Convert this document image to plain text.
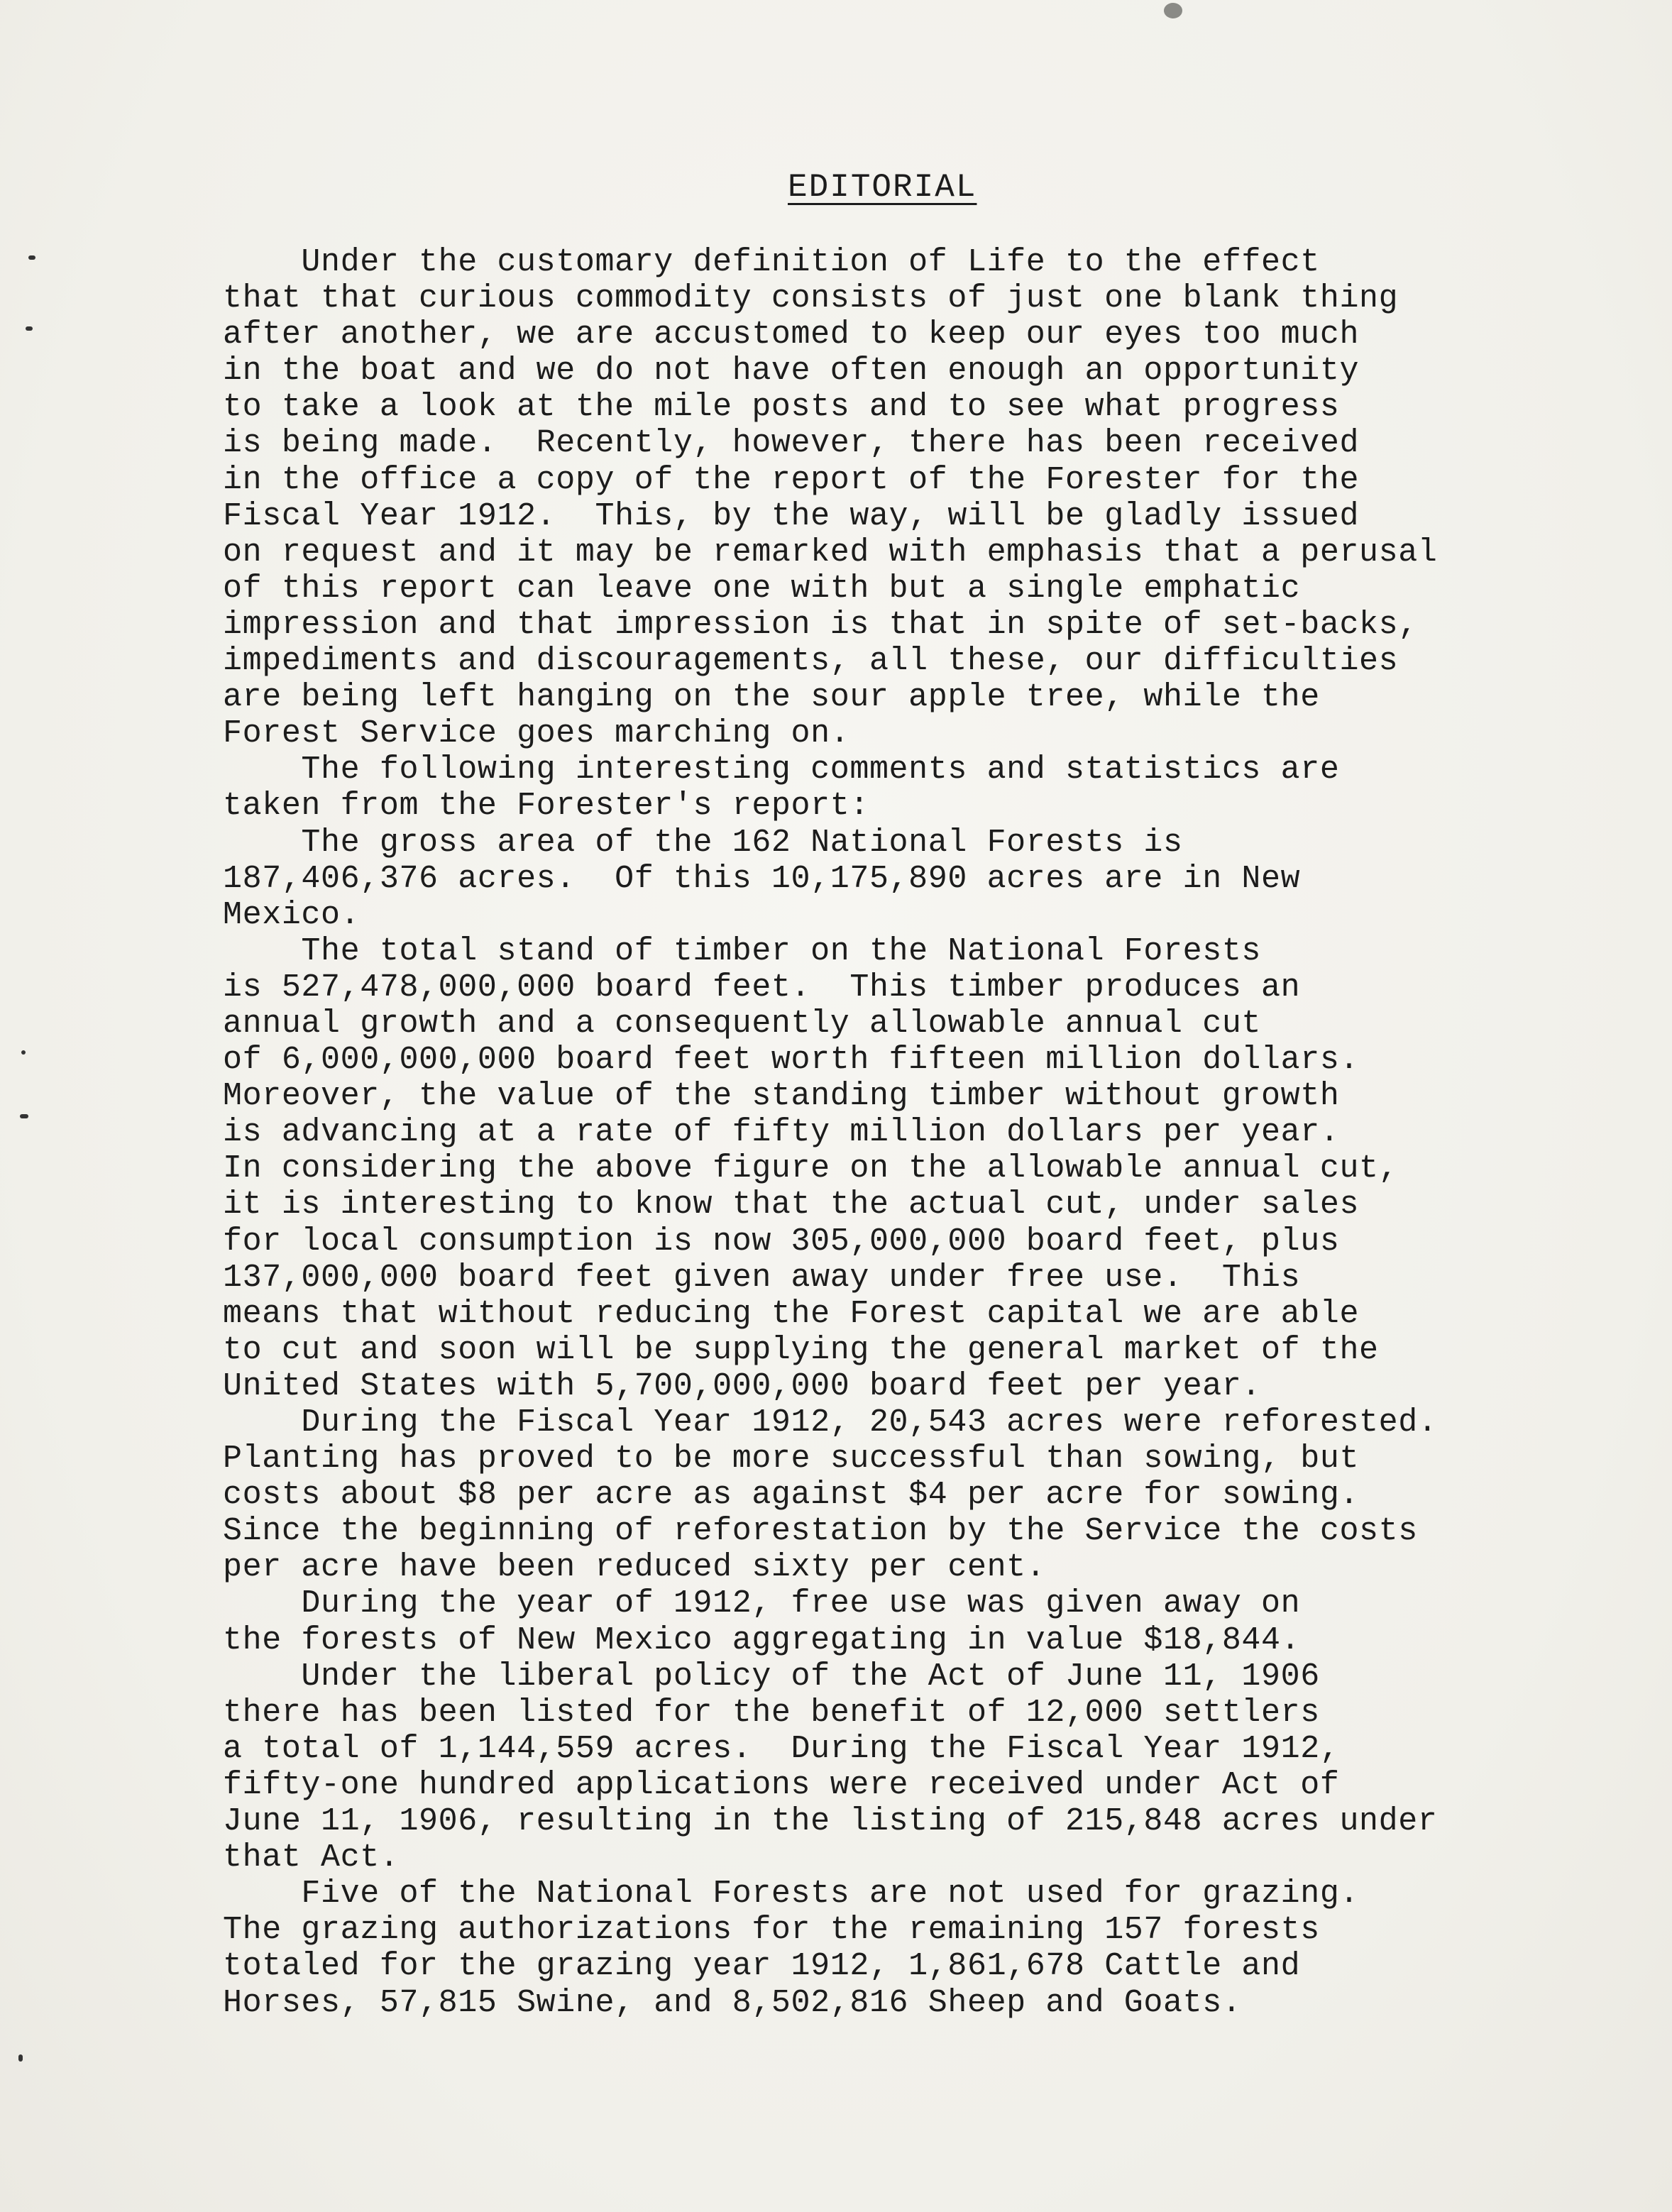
EDITORIAL
Under the customary definition of Life to the effect
that that curious commodity consists of just one blank thing
after another, we are accustomed to keep our eyes too much
in the boat and we do not have often enough an opportunity
to take a look at the mile posts and to see what progress
is being made.  Recently, however, there has been received
in the office a copy of the report of the Forester for the
Fiscal Year 1912.  This, by the way, will be gladly issued
on request and it may be remarked with emphasis that a perusal
of this report can leave one with but a single emphatic
impression and that impression is that in spite of set-backs,
impediments and discouragements, all these, our difficulties
are being left hanging on the sour apple tree, while the
Forest Service goes marching on.
The following interesting comments and statistics are
taken from the Forester's report:
The gross area of the 162 National Forests is
187,406,376 acres.  Of this 10,175,890 acres are in New
Mexico.
The total stand of timber on the National Forests
is 527,478,000,000 board feet.  This timber produces an
annual growth and a consequently allowable annual cut
of 6,000,000,000 board feet worth fifteen million dollars.
Moreover, the value of the standing timber without growth
is advancing at a rate of fifty million dollars per year.
In considering the above figure on the allowable annual cut,
it is interesting to know that the actual cut, under sales
for local consumption is now 305,000,000 board feet, plus
137,000,000 board feet given away under free use.  This
means that without reducing the Forest capital we are able
to cut and soon will be supplying the general market of the
United States with 5,700,000,000 board feet per year.
During the Fiscal Year 1912, 20,543 acres were reforested.
Planting has proved to be more successful than sowing, but
costs about $8 per acre as against $4 per acre for sowing.
Since the beginning of reforestation by the Service the costs
per acre have been reduced sixty per cent.
During the year of 1912, free use was given away on
the forests of New Mexico aggregating in value $18,844.
Under the liberal policy of the Act of June 11, 1906
there has been listed for the benefit of 12,000 settlers
a total of 1,144,559 acres.  During the Fiscal Year 1912,
fifty-one hundred applications were received under Act of
June 11, 1906, resulting in the listing of 215,848 acres under
that Act.
Five of the National Forests are not used for grazing.
The grazing authorizations for the remaining 157 forests
totaled for the grazing year 1912, 1,861,678 Cattle and
Horses, 57,815 Swine, and 8,502,816 Sheep and Goats.
